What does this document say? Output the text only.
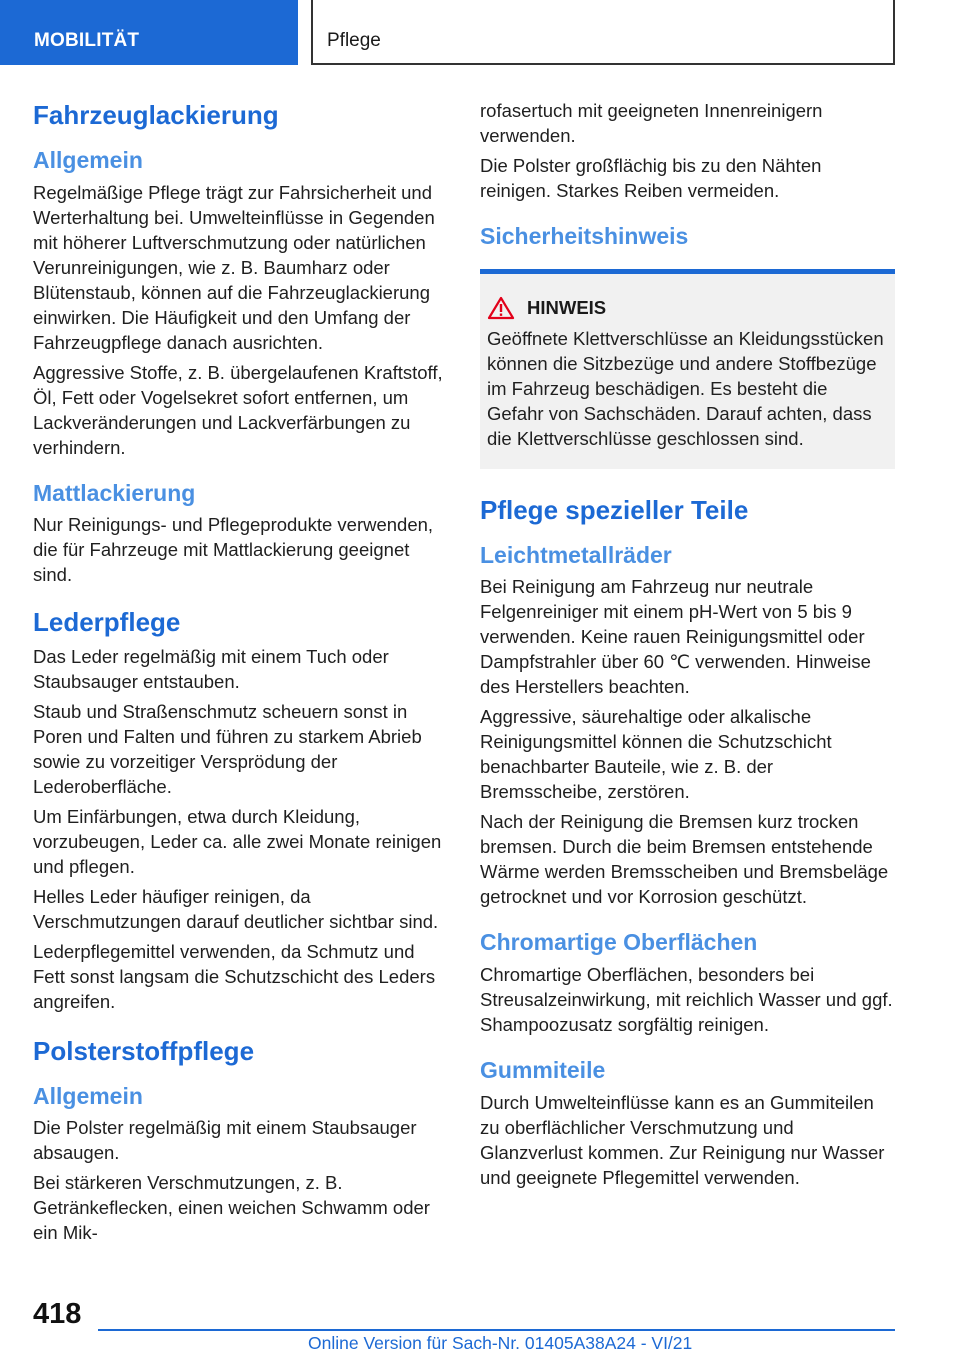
MOBILITÄT	Pflege
Fahrzeuglackierung
Allgemein

Regelmäßige Pflege trägt zur Fahrsicherheit und Werterhaltung bei. Umwelteinflüsse in Gegenden mit höherer Luftverschmutzung oder natürlichen Verunreinigungen, wie z. B. Baumharz oder Blütenstaub, können auf die Fahrzeuglackierung einwirken. Die Häufigkeit und den Umfang der Fahrzeugpflege danach ausrichten.

Aggressive Stoffe, z. B. übergelaufenen Kraftstoff, Öl, Fett oder Vogelsekret sofort entfernen, um Lackveränderungen und Lackverfärbungen zu verhindern.

Mattlackierung

Nur Reinigungs- und Pflegeprodukte verwenden, die für Fahrzeuge mit Mattlackierung geeignet sind.

Lederpflege

Das Leder regelmäßig mit einem Tuch oder Staubsauger entstauben.

Staub und Straßenschmutz scheuern sonst in Poren und Falten und führen zu starkem Abrieb sowie zu vorzeitiger Versprödung der Lederoberfläche.

Um Einfärbungen, etwa durch Kleidung, vorzubeugen, Leder ca. alle zwei Monate reinigen und pflegen.

Helles Leder häufiger reinigen, da Verschmutzungen darauf deutlicher sichtbar sind.

Lederpflegemittel verwenden, da Schmutz und Fett sonst langsam die Schutzschicht des Leders angreifen.

Polsterstoffpflege
Allgemein

Die Polster regelmäßig mit einem Staubsauger absaugen.

Bei stärkeren Verschmutzungen, z. B. Getränkeflecken, einen weichen Schwamm oder ein Mik-

rofasertuch mit geeigneten Innenreinigern verwenden.

Die Polster großflächig bis zu den Nähten reinigen. Starkes Reiben vermeiden.

Sicherheitshinweis
HINWEIS

Geöffnete Klettverschlüsse an Kleidungsstücken können die Sitzbezüge und andere Stoffbezüge im Fahrzeug beschädigen. Es besteht die Gefahr von Sachschäden. Darauf achten, dass die Klettverschlüsse geschlossen sind.

Pflege spezieller Teile
Leichtmetallräder

Bei Reinigung am Fahrzeug nur neutrale Felgenreiniger mit einem pH-Wert von 5 bis 9 verwenden. Keine rauen Reinigungsmittel oder Dampfstrahler über 60 ℃ verwenden. Hinweise des Herstellers beachten.

Aggressive, säurehaltige oder alkalische Reinigungsmittel können die Schutzschicht benachbarter Bauteile, wie z. B. der Bremsscheibe, zerstören.

Nach der Reinigung die Bremsen kurz trocken bremsen. Durch die beim Bremsen entstehende Wärme werden Bremsscheiben und Bremsbeläge getrocknet und vor Korrosion geschützt.

Chromartige Oberflächen

Chromartige Oberflächen, besonders bei Streusalzeinwirkung, mit reichlich Wasser und ggf. Shampoozusatz sorgfältig reinigen.

Gummiteile

Durch Umwelteinflüsse kann es an Gummiteilen zu oberflächlicher Verschmutzung und Glanzverlust kommen. Zur Reinigung nur Wasser und geeignete Pflegemittel verwenden.

418
Online Version für Sach-Nr. 01405A38A24 - VI/21
